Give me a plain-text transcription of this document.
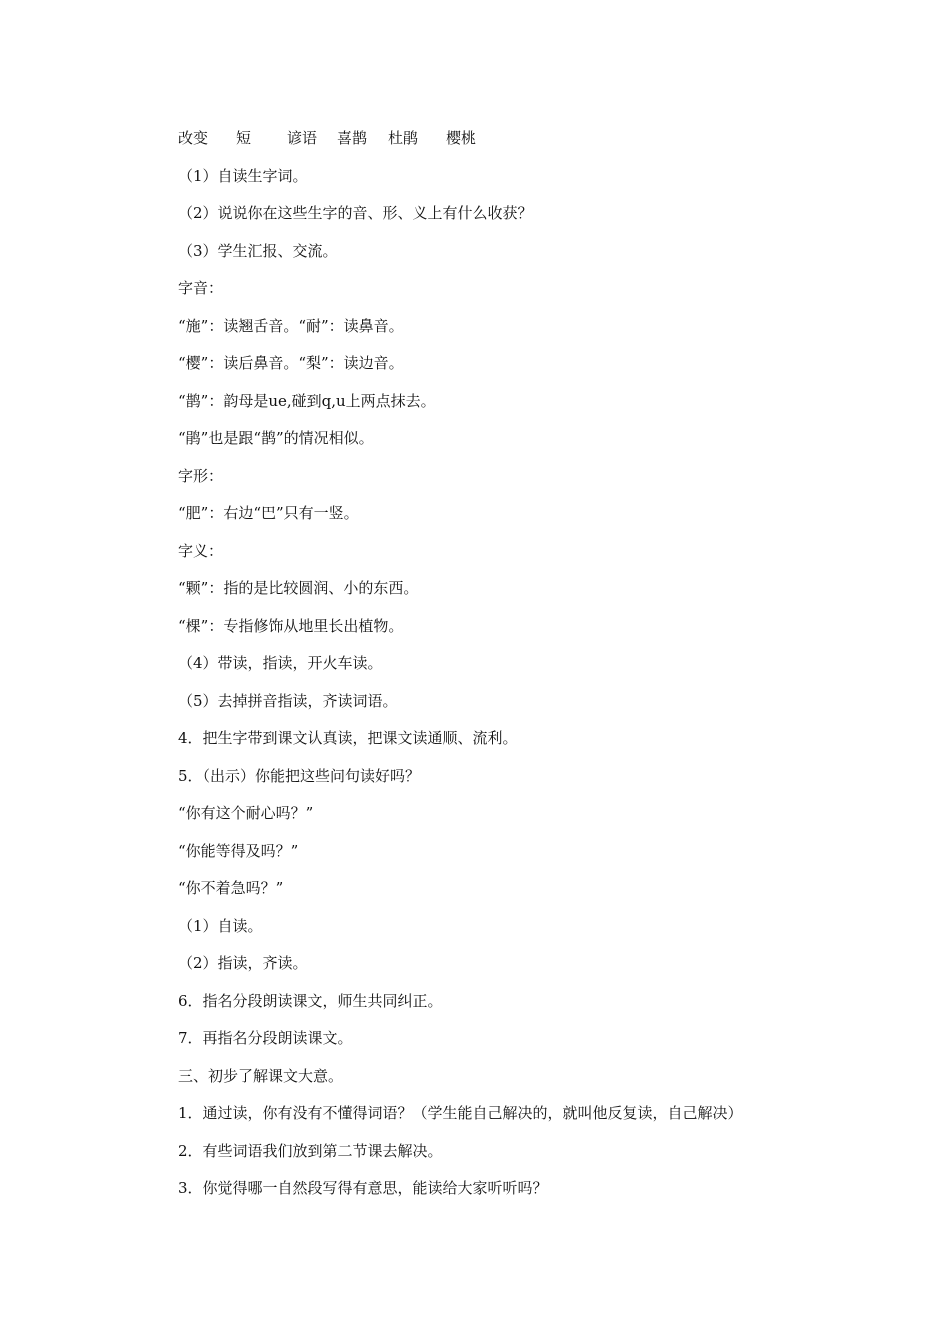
改变 短 谚语 喜鹊 杜鹃 樱桃
（1）自读生字词。
（2）说说你在这些生字的音、形、义上有什么收获？
（3）学生汇报、交流。
字音：
“施”：读翘舌音。“耐”：读鼻音。
“樱”：读后鼻音。“梨”：读边音。
“鹊”：韵母是ue,碰到q,u上两点抹去。
“鹃”也是跟“鹊”的情况相似。
字形：
“肥”：右边“巴”只有一竖。
字义：
“颗”：指的是比较圆润、小的东西。
“棵”：专指修饰从地里长出植物。
（4）带读，指读，开火车读。
（5）去掉拼音指读，齐读词语。
4．把生字带到课文认真读，把课文读通顺、流利。
5．（出示）你能把这些问句读好吗？
“你有这个耐心吗？”
“你能等得及吗？”
“你不着急吗？”
（1）自读。
（2）指读，齐读。
6．指名分段朗读课文，师生共同纠正。
7．再指名分段朗读课文。
三、初步了解课文大意。
1．通过读，你有没有不懂得词语？（学生能自己解决的，就叫他反复读，自己解决）
2．有些词语我们放到第二节课去解决。
3．你觉得哪一自然段写得有意思，能读给大家听听吗？
